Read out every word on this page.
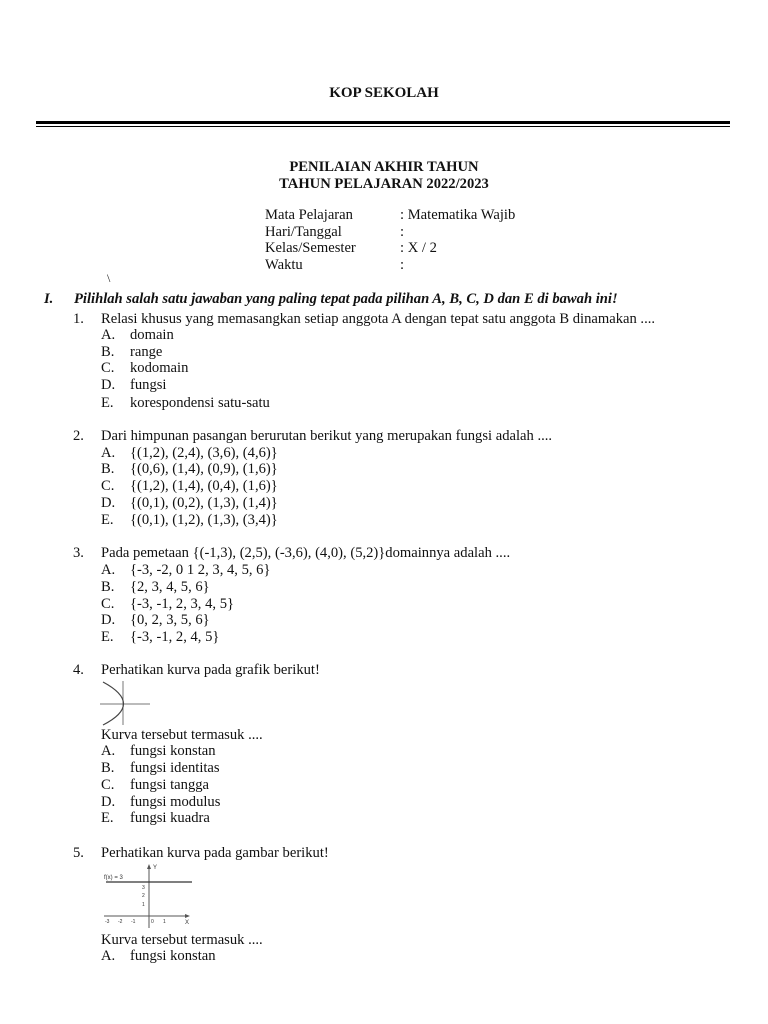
KOP SEKOLAH
PENILAIAN AKHIR TAHUN
TAHUN PELAJARAN 2022/2023
Mata Pelajaran	: Matematika Wajib
Hari/Tanggal	:
Kelas/Semester	: X / 2
Waktu	:
\
I. Pilihlah salah satu jawaban yang paling tepat pada pilihan A, B, C, D dan E di bawah ini!
1. Relasi khusus yang memasangkan setiap anggota A dengan tepat satu anggota B dinamakan ....
A. domain
B. range
C. kodomain
D. fungsi
E. korespondensi satu-satu
2. Dari himpunan pasangan berurutan berikut yang merupakan fungsi adalah ....
A. {(1,2), (2,4), (3,6), (4,6)}
B. {(0,6), (1,4), (0,9), (1,6)}
C. {(1,2), (1,4), (0,4), (1,6)}
D. {(0,1), (0,2), (1,3), (1,4)}
E. {(0,1), (1,2), (1,3), (3,4)}
3. Pada pemetaan {(-1,3), (2,5), (-3,6), (4,0), (5,2)}domainnya adalah ....
A. {-3, -2, 0 1 2, 3, 4, 5, 6}
B. {2, 3, 4, 5, 6}
C. {-3, -1, 2, 3, 4, 5}
D. {0, 2, 3, 5, 6}
E. {-3, -1, 2, 4, 5}
4. Perhatikan kurva pada grafik berikut!
Kurva tersebut termasuk ....
A. fungsi konstan
B. fungsi identitas
C. fungsi tangga
D. fungsi modulus
E. fungsi kuadra
5. Perhatikan kurva pada gambar berikut!
f(x) = 3
Y
X
3
2
1
-3 -2 -1	0 1
Kurva tersebut termasuk ....
A. fungsi konstan
